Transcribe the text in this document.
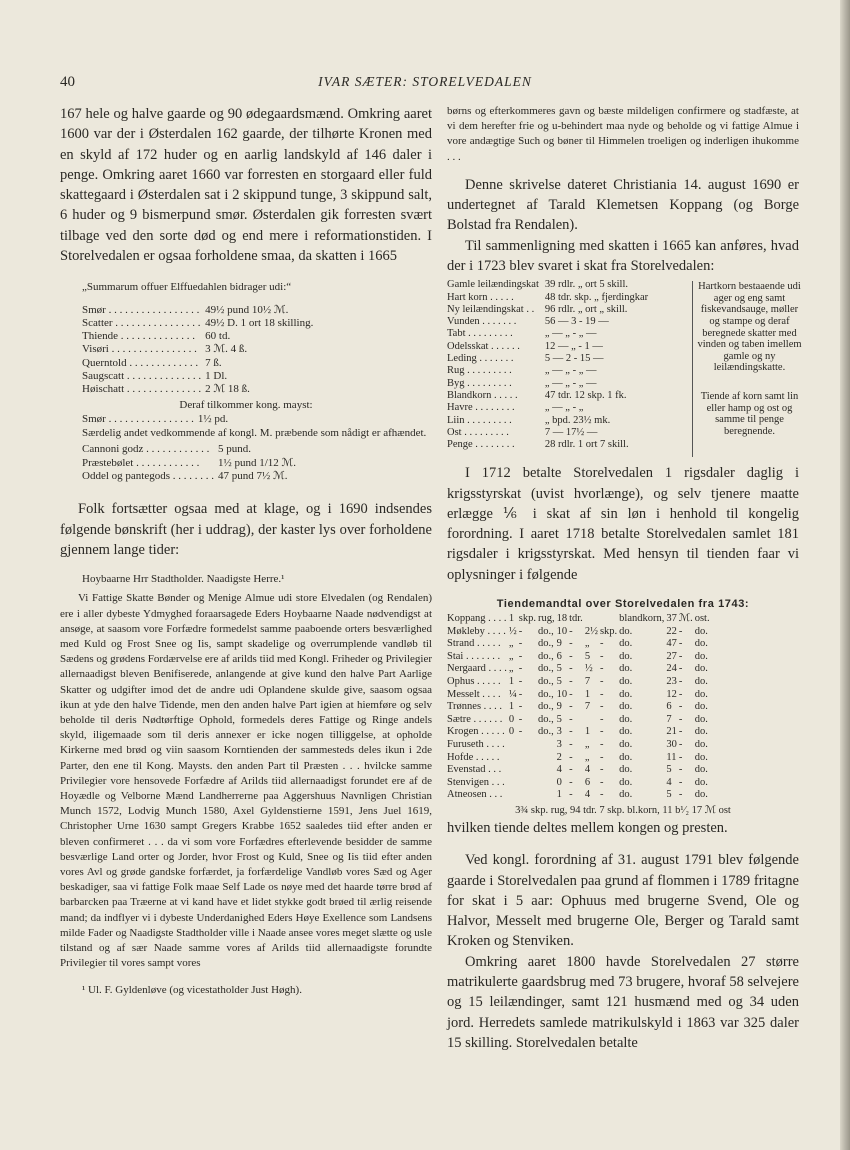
40	IVAR SÆTER: STORELVEDALEN

167 hele og halve gaarde og 90 ødegaardsmænd. Omkring aaret 1600 var der i Østerdalen 162 gaarde, der tilhørte Kronen med en skyld af 172 huder og en aarlig landskyld af 146 daler i penge. Omkring aaret 1660 var forresten en storgaard eller fuld skattegaard i Østerdalen sat i 2 skippund tunge, 3 skippund salt, 6 huder og 9 bismerpund smør. Østerdalen gik forresten svært tilbage ved den sorte død og end mere i reformationstiden. I Storelvedalen er ogsaa forholdene smaa, da skatten i 1665

„Summarum offuer Elffuedahlen bidrager udi:“

Smør . . . . . . . . . . . . . . . . .	49½ pund 10½ ℳ.
Scatter . . . . . . . . . . . . . . . .	49½ D. 1 ort 18 skilling.
Thiende . . . . . . . . . . . . . .	60 td.
Visøri . . . . . . . . . . . . . . . .	3 ℳ. 4 ß.
Querntold . . . . . . . . . . . . .	7 ß.
Saugscatt . . . . . . . . . . . . . .	1 Dl.
Høischatt . . . . . . . . . . . . . .	2 ℳ 18 ß.

Deraf tilkommer kong. mayst:

Smør . . . . . . . . . . . . . . . .	1½ pd.

Særdelig andet vedkommende af kongl. M. præbende som nådigt er afhændet.

Cannoni godz . . . . . . . . . . . .	5 pund.
Præstebølet . . . . . . . . . . . .	1½ pund 1/12 ℳ.
Oddel og pantegods . . . . . . . .	47 pund 7½ ℳ.

Folk fortsætter ogsaa med at klage, og i 1690 indsendes følgende bønskrift (her i uddrag), der kaster lys over forholdene gjennem lange tider:

Hoybaarne Hrr Stadtholder. Naadigste Herre.¹

Vi Fattige Skatte Bønder og Menige Almue udi store Elvedalen (og Rendalen) ere i aller dybeste Ydmyghed foraarsagede Eders Hoybaarne Naade nødvendigst at ansøge, at saasom vore Forfædre formedelst samme paaboende orters besværlighed med Kuld og Frost Snee og Iis, sampt skadelige og overrumplende vandløb til Sædens og grødens Fordærvelse ere af arilds tiid med Kongl. Friheder og Privilegier allernaadigst bleven Benifiserede, anlangende at give kund den halve Part Aarlige Skatter og udgifter imod det de andre udi Oplandene skulde give, saasom ogsaa ikun at yde den halve Tidende, men den anden halve Part igien at hiemføre og selv beholde til deris Nødtørftige Ophold, formedels deres Fattige og Ringe andels skyld, iligemaade som til deris annexer er icke nogen tilliggelse, at opholde Kirkerne med brød og viin saasom Korntienden der sammesteds deles ikun i 2de Parter, den ene til Kong. Maysts. den anden Part til Præsten . . . hvilcke samme Privilegier vore hensovede Forfædre af Arilds tiid allernaadigst forundet ere af de Hoyædle og Velborne Mænd Landherrerne paa Aggershuus Navnligen Christian Munch 1572, Lodvig Munch 1580, Axel Gyldenstierne 1591, Jens Juel 1619, Christopher Urne 1630 sampt Gregers Krabbe 1652 saaledes tiid efter anden er bleven confirmeret . . . da vi som vore Forfædres efterlevende besidder de samme besværlige Land orter og Jorder, hvor Frost og Kuld, Snee og Iis tiid efter anden vores Avl og grøde gandske forfærdet, ja forfærdelige Vandløb vores Sæd og Ager beskadiger, saa vi fattige Folk maae Self Lade os nøye med det haarde tørre brød af barbarcken paa Træerne at vi kand have et lidet stykke godt brøed til ærlig reisende mand; da indflyer vi i dybeste Underdanighed Eders Høye Exellence som Landsens milde Fader og Naadigste Stadtholder ville i Naade ansee vores meget slætte og usle tilstand og af sær Naade samme vores af Arilds tiid allernaadigste forundte Privilegier til vores sampt vores

¹ Ul. F. Gyldenløve (og vicestatholder Just Høgh).

børns og efterkommeres gavn og bæste mildeligen confirmere og stadfæste, at vi dem herefter frie og u-behindert maa nyde og beholde og vi fattige Almue i vore andægtige Such og bøner til Himmelen troeligen og inderligen ihukomme . . .

Denne skrivelse dateret Christiania 14. august 1690 er undertegnet af Tarald Klemetsen Koppang (og Borge Bolstad fra Rendalen).

Til sammenligning med skatten i 1665 kan anføres, hvad der i 1723 blev svaret i skat fra Storelvedalen:

Gamle leilændingskat	39 rdlr. „ ort 5 skill.
Hart korn . . . . .	48 tdr. skp. „ fjerdingkar
Ny leilændingskat . .	96 rdlr. „ ort „ skill.
Vunden . . . . . . .	56 — 3 - 19 —
Tabt . . . . . . . . .	„ — „ - „ —
Odelsskat . . . . . .	12 — „ - 1 —
Leding . . . . . . .	5 — 2 - 15 —
Rug . . . . . . . . .	„ — „ - „ —
Byg . . . . . . . . .	„ — „ - „ —
Blandkorn . . . . .	47 tdr. 12 skp. 1 fk.
Havre . . . . . . . .	„ — „ - „
Liin . . . . . . . . .	„ bpd. 23½ mk.
Ost . . . . . . . . .	7 — 17½ —
Penge . . . . . . . .	28 rdlr. 1 ort 7 skill.
Hartkorn bestaaende udi ager og eng samt fiskevandsauge, møller og stampe og deraf beregnede skatter med vinden og taben imellem gamle og ny leilændingskatte.
Tiende af korn samt lin eller hamp og ost og samme til penge beregnende.

I 1712 betalte Storelvedalen 1 rigsdaler daglig i krigsstyrskat (uvist hvorlænge), og selv tjenere maatte erlægge ⅙ i skat af sin løn i henhold til kongelig forordning. I aaret 1718 betalte Storelvedalen samlet 181 rigsdaler i krigsstyrskat. Med hensyn til tienden faar vi oplysninger i følgende

Tiendemandtal over Storelvedalen fra 1743:
Koppang . . . .	1	skp.	rug,	18	tdr.			blandkorn,	37	ℳ.	ost.
Møkleby . . . .	½	-	do.,	10	-	2½	skp.	do.	22	-	do.
Strand . . . . .	„	-	do.,	9	-	„	-	do.	47	-	do.
Stai . . . . . . .	„	-	do.,	6	-	5	-	do.	27	-	do.
Nergaard . . . .	„	-	do.,	5	-	½	-	do.	24	-	do.
Ophus . . . . .	1	-	do.,	5	-	7	-	do.	23	-	do.
Messelt . . . .	¼	-	do.,	10	-	1	-	do.	12	-	do.
Trønnes . . . .	1	-	do.,	9	-	7	-	do.	6	-	do.
Sætre . . . . . .	0	-	do.,	5	-		-	do.	7	-	do.
Krogen . . . . .	0	-	do.,	3	-	1	-	do.	21	-	do.
Furuseth . . . .				3	-	„	-	do.	30	-	do.
Hofde . . . . .				2	-	„	-	do.	11	-	do.
Evenstad . . .				4	-	4	-	do.	5	-	do.
Stenvigen . . .				0	-	6	-	do.	4	-	do.
Atneosen . . .				1	-	4	-	do.	5	-	do.
3¾ skp. rug, 94 tdr. 7 skp. bl.korn, 11 b¹⁄₂ 17 ℳ ost

hvilken tiende deltes mellem kongen og presten.

Ved kongl. forordning af 31. august 1791 blev følgende gaarde i Storelvedalen paa grund af flommen i 1789 fritagne for skat i 5 aar: Ophuus med brugerne Svend, Ole og Halvor, Messelt med brugerne Ole, Berger og Tarald samt Kroken og Stenviken.

Omkring aaret 1800 havde Storelvedalen 27 større matrikulerte gaardsbrug med 73 brugere, hvoraf 58 selvejere og 15 leilændinger, samt 121 husmænd med og 34 uden jord. Herredets samlede matrikulskyld i 1863 var 325 daler 15 skilling. Storelvedalen betalte
